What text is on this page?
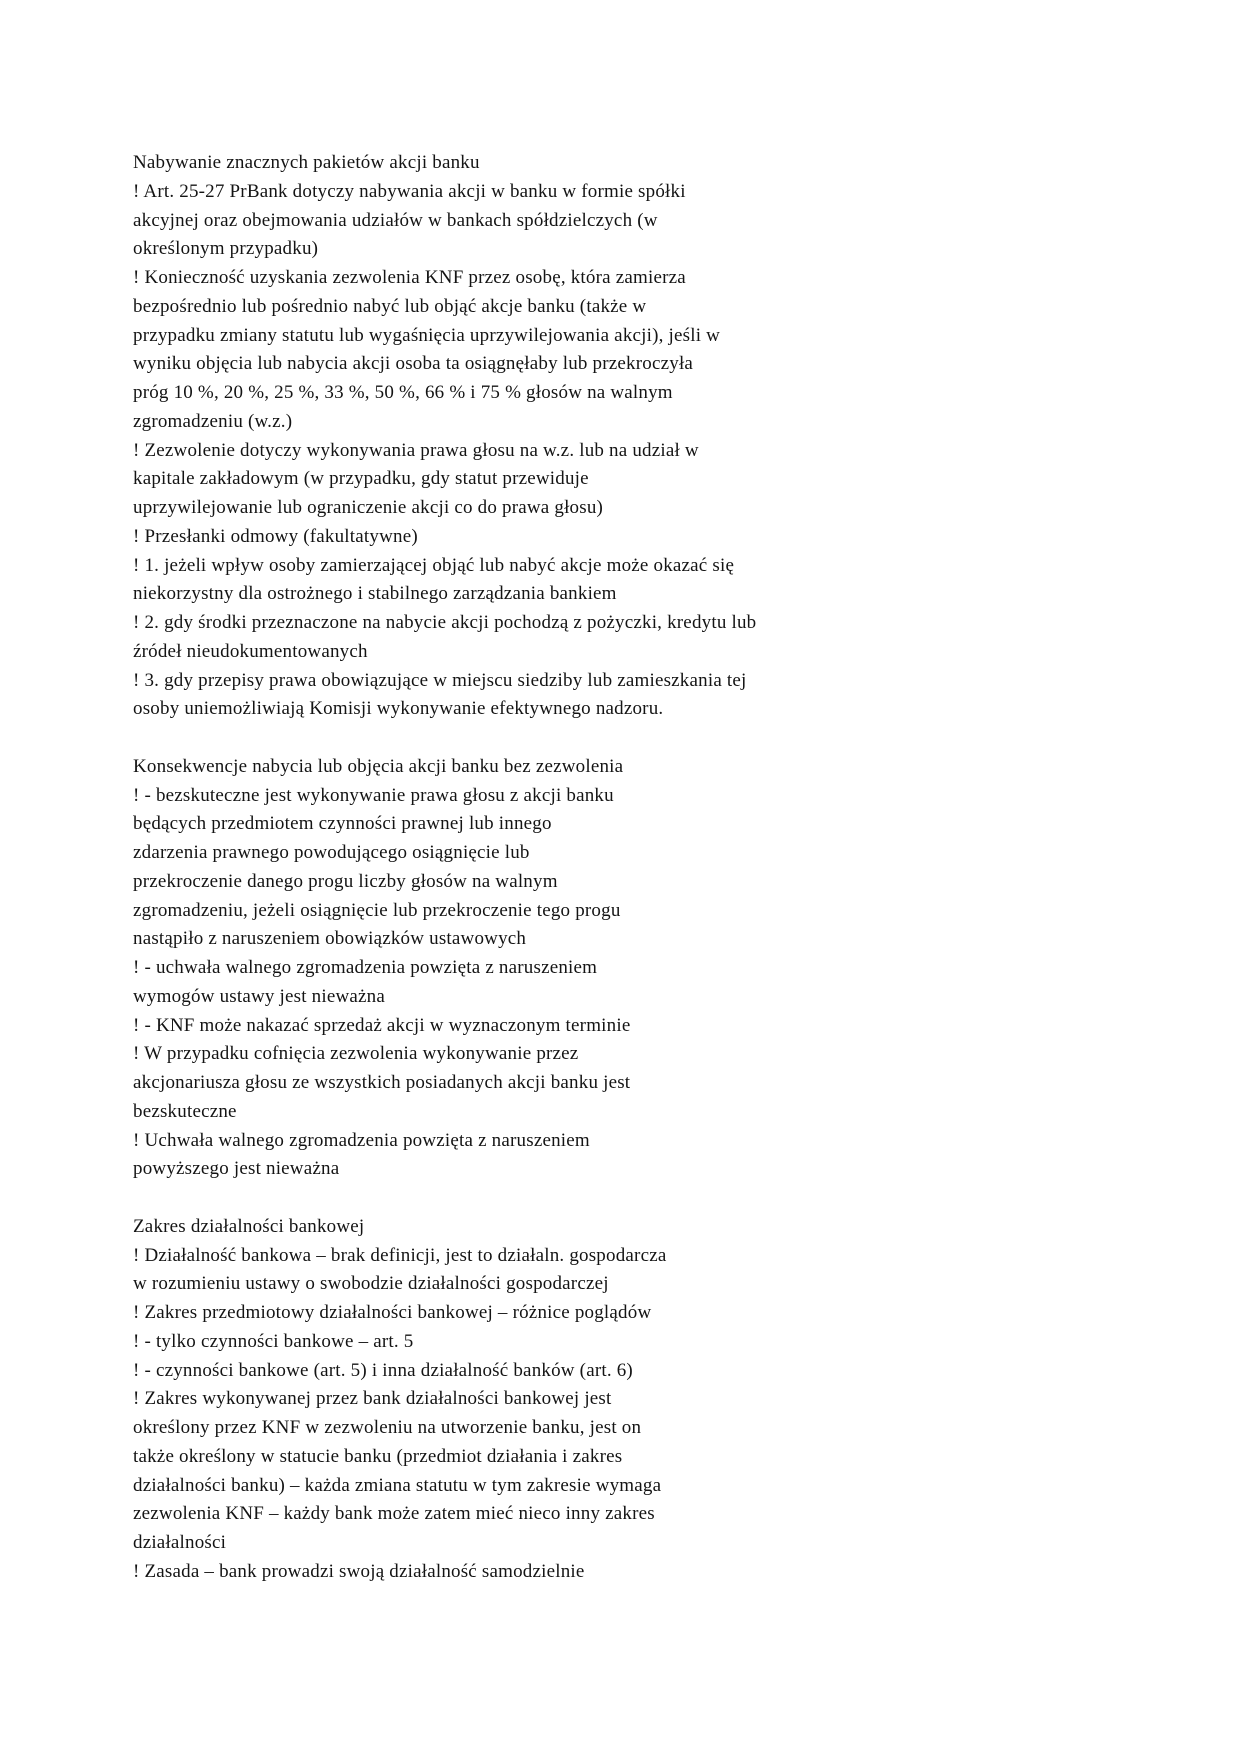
Nabywanie znacznych pakietów akcji banku
! Art. 25-27 PrBank dotyczy nabywania akcji w banku w formie spółki
akcyjnej oraz obejmowania udziałów w bankach spółdzielczych (w
określonym przypadku)
! Konieczność uzyskania zezwolenia KNF przez osobę, która zamierza
bezpośrednio lub pośrednio nabyć lub objąć akcje banku (także w
przypadku zmiany statutu lub wygaśnięcia uprzywilejowania akcji), jeśli w
wyniku objęcia lub nabycia akcji osoba ta osiągnęłaby lub przekroczyła
próg 10 %, 20 %, 25 %, 33 %, 50 %, 66 % i 75 % głosów na walnym
zgromadzeniu (w.z.)
! Zezwolenie dotyczy wykonywania prawa głosu na w.z. lub na udział w
kapitale zakładowym (w przypadku, gdy statut przewiduje
uprzywilejowanie lub ograniczenie akcji co do prawa głosu)
! Przesłanki odmowy (fakultatywne)
! 1. jeżeli wpływ osoby zamierzającej objąć lub nabyć akcje może okazać się
niekorzystny dla ostrożnego i stabilnego zarządzania bankiem
! 2. gdy środki przeznaczone na nabycie akcji pochodzą z pożyczki, kredytu lub
źródeł nieudokumentowanych
! 3. gdy przepisy prawa obowiązujące w miejscu siedziby lub zamieszkania tej
osoby uniemożliwiają Komisji wykonywanie efektywnego nadzoru.
Konsekwencje nabycia lub objęcia akcji banku bez zezwolenia
! - bezskuteczne jest wykonywanie prawa głosu z akcji banku
będących przedmiotem czynności prawnej lub innego
zdarzenia prawnego powodującego osiągnięcie lub
przekroczenie danego progu liczby głosów na walnym
zgromadzeniu, jeżeli osiągnięcie lub przekroczenie tego progu
nastąpiło z naruszeniem obowiązków ustawowych
! - uchwała walnego zgromadzenia powzięta z naruszeniem
wymogów ustawy jest nieważna
! - KNF może nakazać sprzedaż akcji w wyznaczonym terminie
! W przypadku cofnięcia zezwolenia wykonywanie przez
akcjonariusza głosu ze wszystkich posiadanych akcji banku jest
bezskuteczne
! Uchwała walnego zgromadzenia powzięta z naruszeniem
powyższego jest nieważna
Zakres działalności bankowej
! Działalność bankowa – brak definicji, jest to działaln. gospodarcza
w rozumieniu ustawy o swobodzie działalności gospodarczej
! Zakres przedmiotowy działalności bankowej – różnice poglądów
! - tylko czynności bankowe – art. 5
! - czynności bankowe (art. 5) i inna działalność banków (art. 6)
! Zakres wykonywanej przez bank działalności bankowej jest
określony przez KNF w zezwoleniu na utworzenie banku, jest on
także określony w statucie banku (przedmiot działania i zakres
działalności banku) – każda zmiana statutu w tym zakresie wymaga
zezwolenia KNF – każdy bank może zatem mieć nieco inny zakres
działalności
! Zasada – bank prowadzi swoją działalność samodzielnie
